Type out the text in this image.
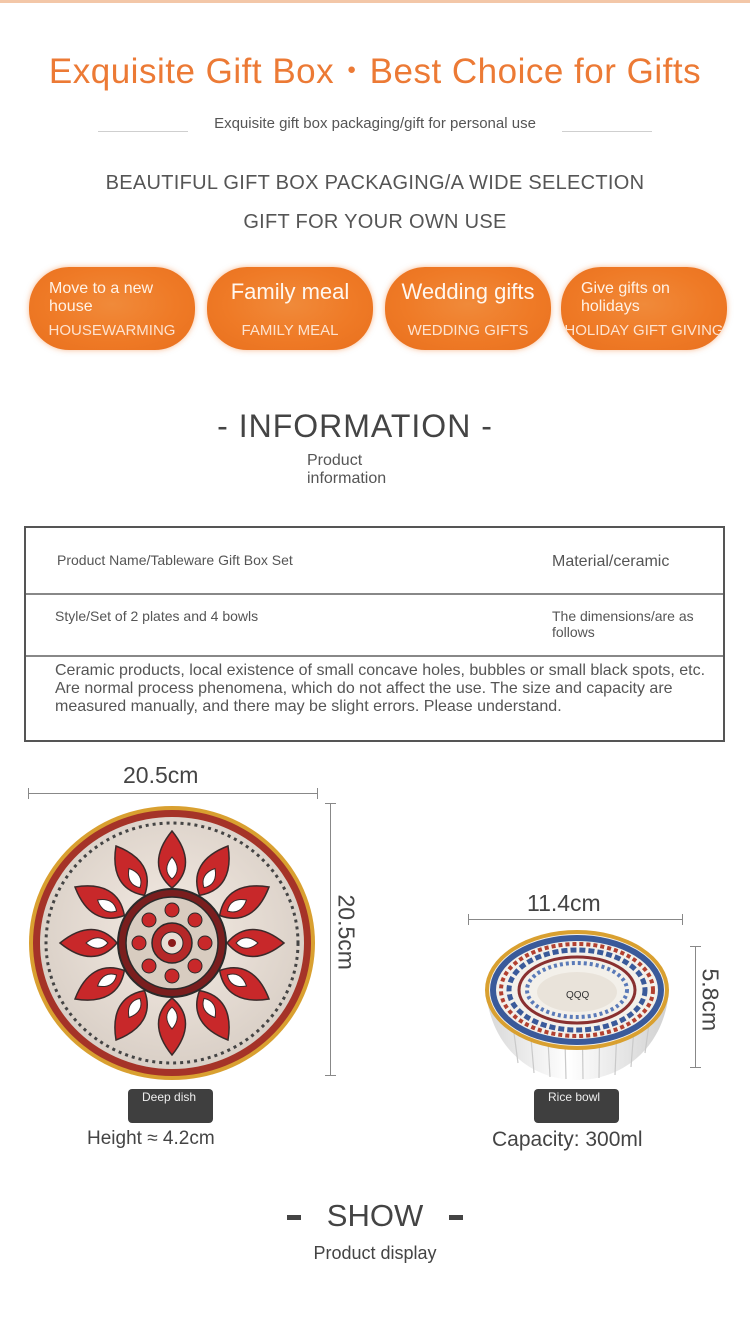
Exquisite Gift Box・Best Choice for Gifts
Exquisite gift box packaging/gift for personal use
BEAUTIFUL GIFT BOX PACKAGING/A WIDE SELECTION
GIFT FOR YOUR OWN USE
Move to a new house
HOUSEWARMING
Family meal
FAMILY MEAL
Wedding gifts
WEDDING GIFTS
Give gifts on holidays
HOLIDAY GIFT GIVING
- INFORMATION -
Product information
Product Name/Tableware Gift Box Set	Material/ceramic
Style/Set of 2 plates and 4 bowls	The dimensions/are as follows
Ceramic products, local existence of small concave holes, bubbles or small black spots, etc. Are normal process phenomena, which do not affect the use. The size and capacity are measured manually, and there may be slight errors. Please understand.
20.5cm
20.5cm
Deep dish
Height ≈ 4.2cm
11.4cm
5.8cm
QQQ
Rice bowl
Capacity: 300ml
SHOW
Product display
